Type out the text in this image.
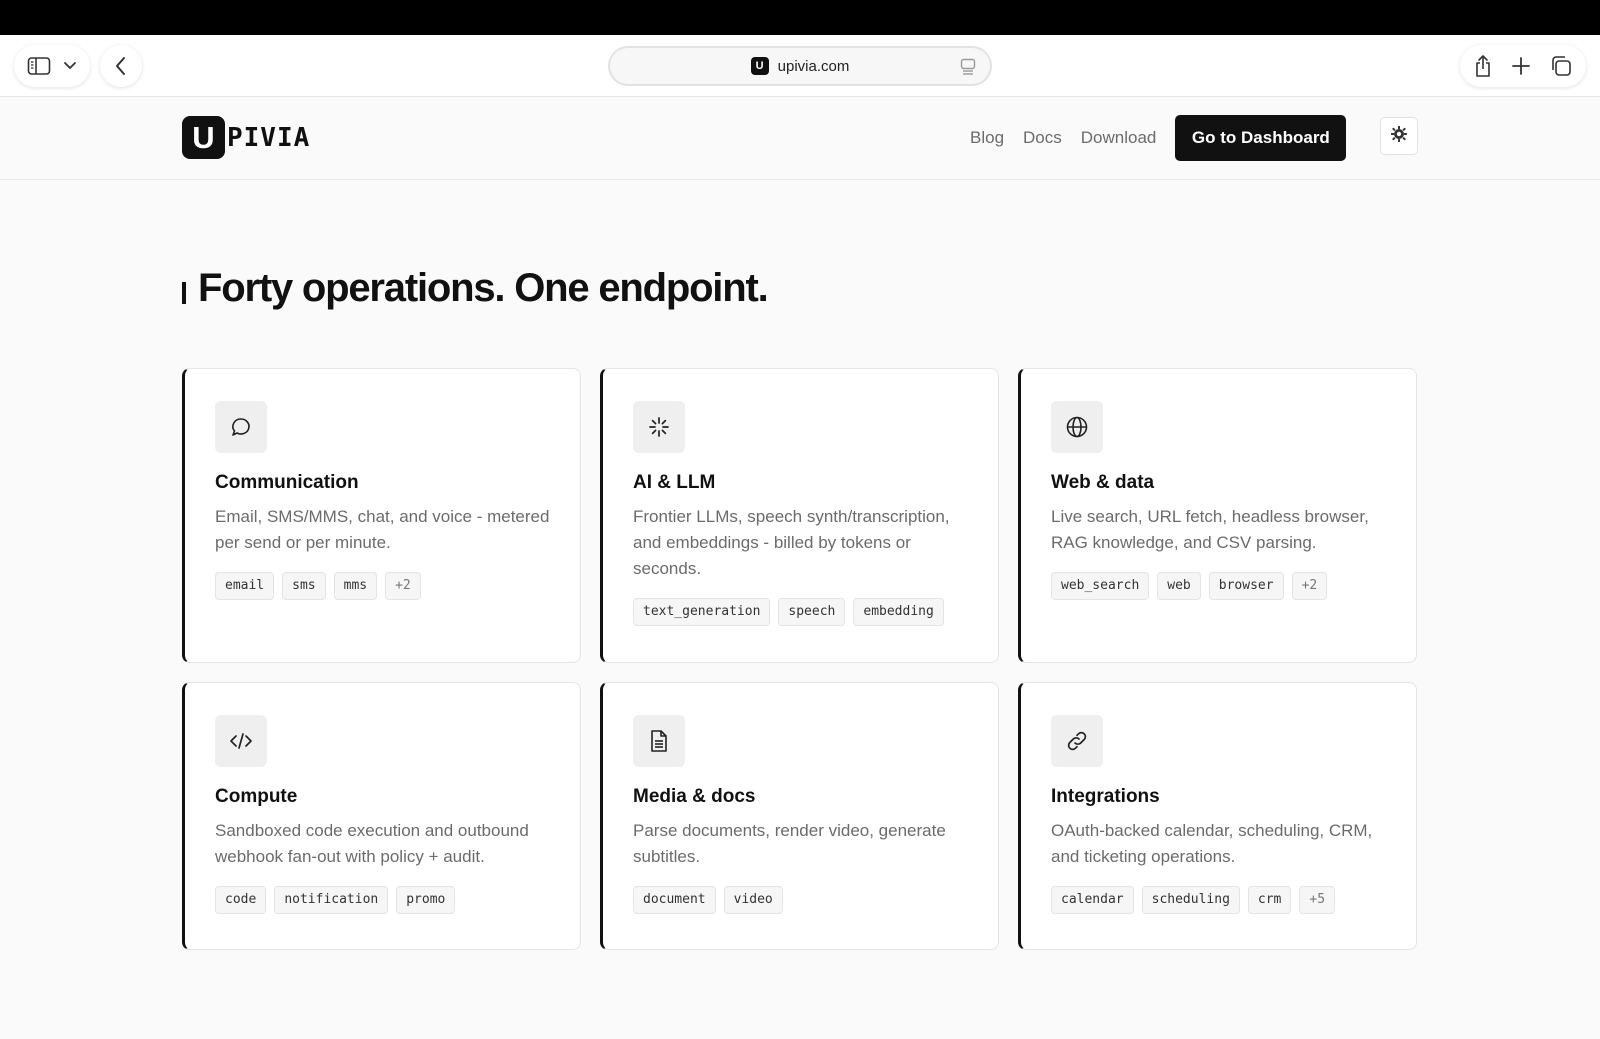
U upivia.com
U PIVIA	Blog Docs Download	Go to Dashboard
Forty operations. One endpoint.
Communication
Email, SMS/MMS, chat, and voice - metered per send or per minute.
email	sms	mms	+2
AI & LLM
Frontier LLMs, speech synth/transcription, and embeddings - billed by tokens or seconds.
text_generation	speech	embedding
Web & data
Live search, URL fetch, headless browser, RAG knowledge, and CSV parsing.
web_search	web	browser	+2
Compute
Sandboxed code execution and outbound webhook fan-out with policy + audit.
code	notification	promo
Media & docs
Parse documents, render video, generate subtitles.
document	video
Integrations
OAuth-backed calendar, scheduling, CRM, and ticketing operations.
calendar	scheduling	crm	+5
